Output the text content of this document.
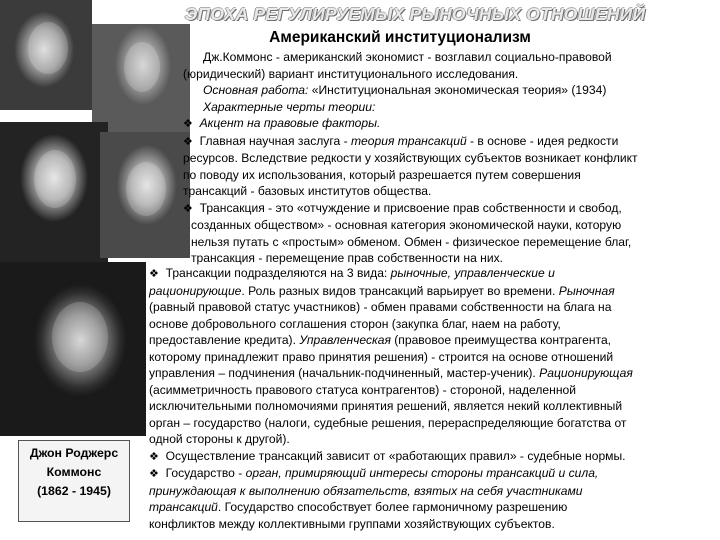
ЭПОХА РЕГУЛИРУЕМЫХ РЫНОЧНЫХ ОТНОШЕНИЙ
Американский институционализм
Джон Роджерс
Коммонс
(1862 - 1945)
Дж.Коммонс - американский экономист - возглавил социально-правовой
(юридический) вариант институционального исследования.
Основная работа: «Институциональная экономическая теория» (1934)
Характерные черты теории:
❖ Акцент на правовые факторы.
❖ Главная научная заслуга - теория трансакций - в основе - идея редкости
ресурсов. Вследствие редкости у хозяйствующих субъектов возникает конфликт
по поводу их использования, который разрешается путем совершения
трансакций - базовых институтов общества.
❖ Трансакция - это «отчуждение и присвоение прав собственности и свобод,
созданных обществом» - основная категория экономической науки, которую
нельзя путать с «простым» обменом. Обмен - физическое перемещение благ,
трансакция - перемещение прав собственности на них.
❖ Трансакции подразделяются на 3 вида: рыночные, управленческие и
рационирующие. Роль разных видов трансакций варьирует во времени. Рыночная
(равный правовой статус участников) - обмен правами собственности на блага на
основе добровольного соглашения сторон (закупка благ, наем на работу,
предоставление кредита). Управленческая (правовое преимущества контрагента,
которому принадлежит право принятия решения) - строится на основе отношений
управления – подчинения (начальник-подчиненный, мастер-ученик). Рационирующая
(асимметричность правового статуса контрагентов) - стороной, наделенной
исключительными полномочиями принятия решений, является некий коллективный
орган – государство (налоги, судебные решения, перераспределяющие богатства от
одной стороны к другой).
❖ Осуществление трансакций зависит от «работающих правил» - судебные нормы.
❖ Государство - орган, примиряющий интересы стороны трансакций и сила,
принуждающая к выполнению обязательств, взятых на себя участниками
трансакций. Государство способствует более гармоничному разрешению
конфликтов между коллективными группами хозяйствующих субъектов.
